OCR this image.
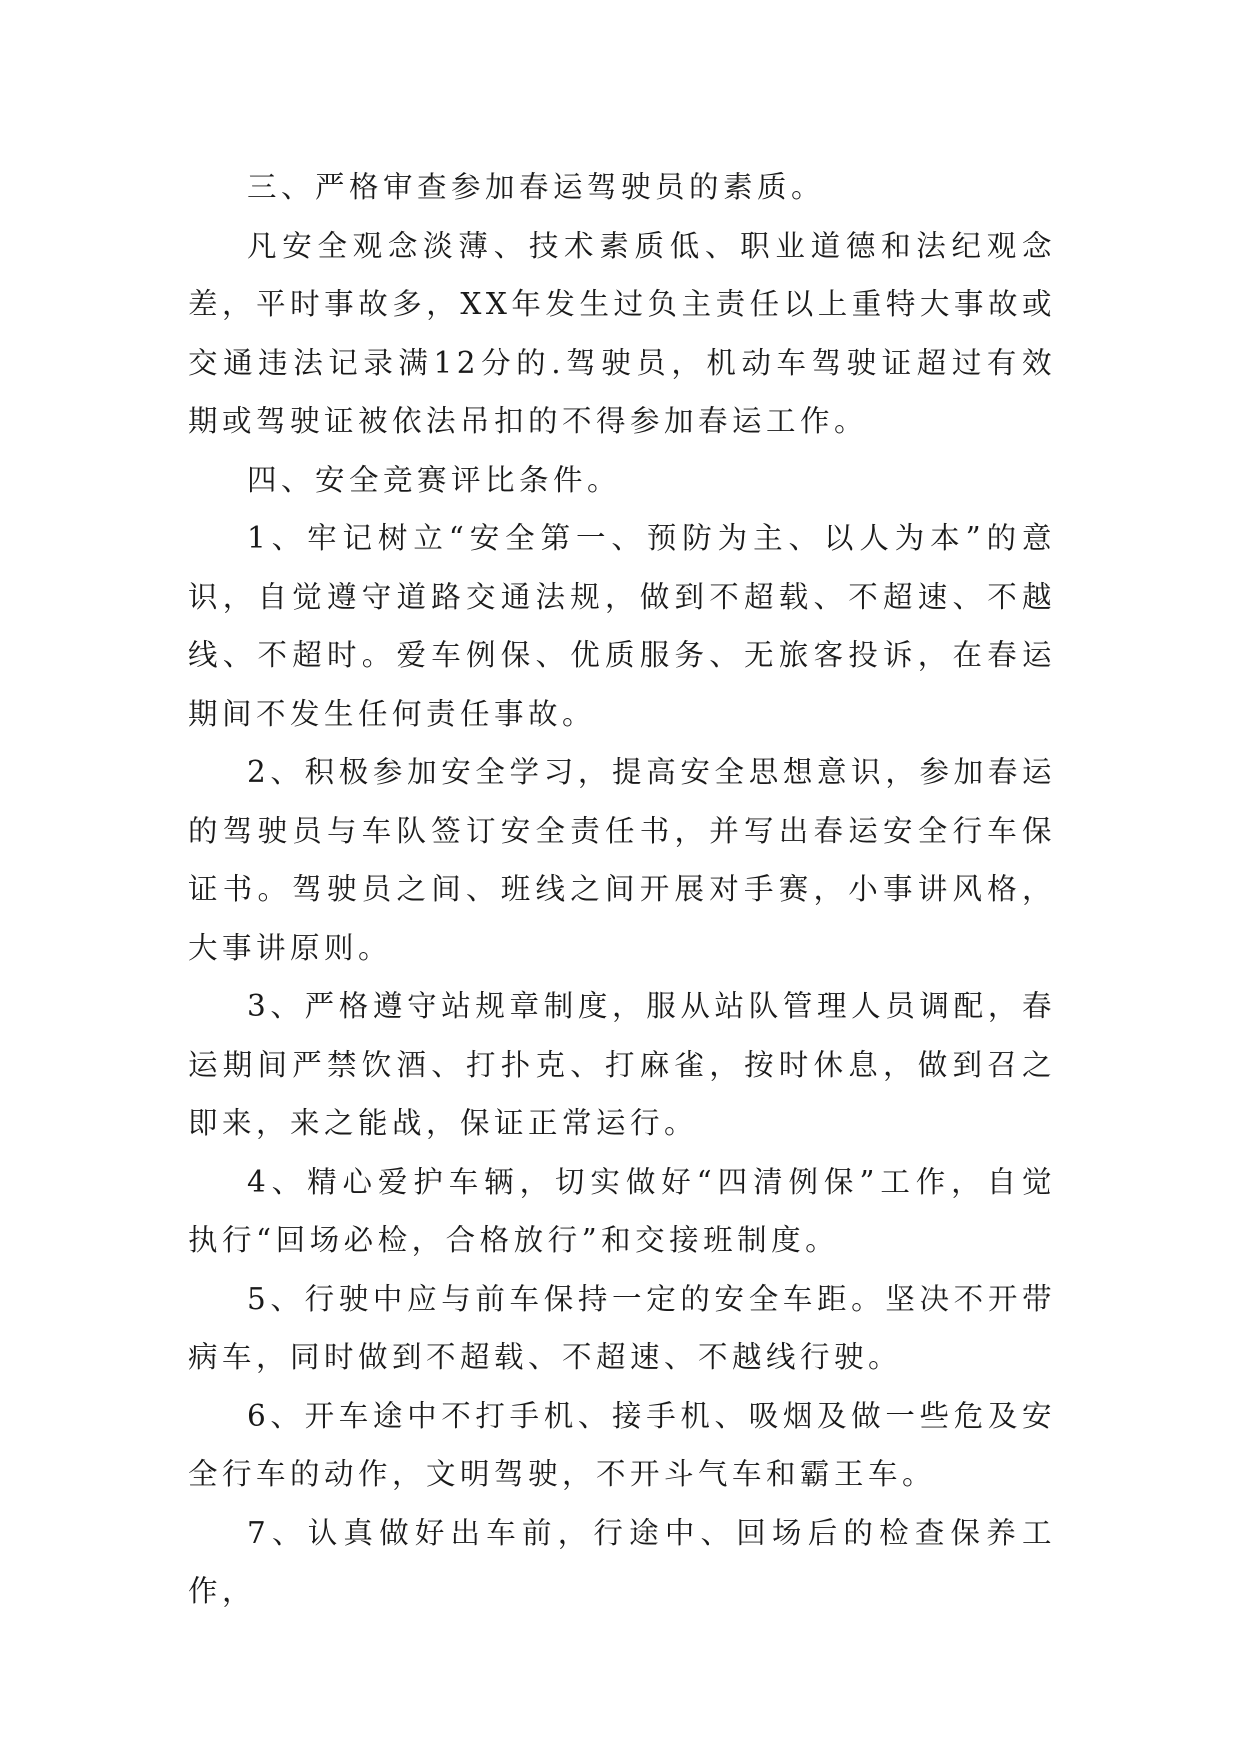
三、严格审查参加春运驾驶员的素质。

凡安全观念淡薄、技术素质低、职业道德和法纪观念差，平时事故多，XX年发生过负主责任以上重特大事故或交通违法记录满12分的.驾驶员，机动车驾驶证超过有效期或驾驶证被依法吊扣的不得参加春运工作。

四、安全竞赛评比条件。

1、牢记树立“安全第一、预防为主、以人为本”的意识，自觉遵守道路交通法规，做到不超载、不超速、不越线、不超时。爱车例保、优质服务、无旅客投诉，在春运期间不发生任何责任事故。

2、积极参加安全学习，提高安全思想意识，参加春运的驾驶员与车队签订安全责任书，并写出春运安全行车保证书。驾驶员之间、班线之间开展对手赛，小事讲风格，大事讲原则。

3、严格遵守站规章制度，服从站队管理人员调配，春运期间严禁饮酒、打扑克、打麻雀，按时休息，做到召之即来，来之能战，保证正常运行。

4、精心爱护车辆，切实做好“四清例保”工作，自觉执行“回场必检，合格放行”和交接班制度。

5、行驶中应与前车保持一定的安全车距。坚决不开带病车，同时做到不超载、不超速、不越线行驶。

6、开车途中不打手机、接手机、吸烟及做一些危及安全行车的动作，文明驾驶，不开斗气车和霸王车。

7、认真做好出车前，行途中、回场后的检查保养工作，
